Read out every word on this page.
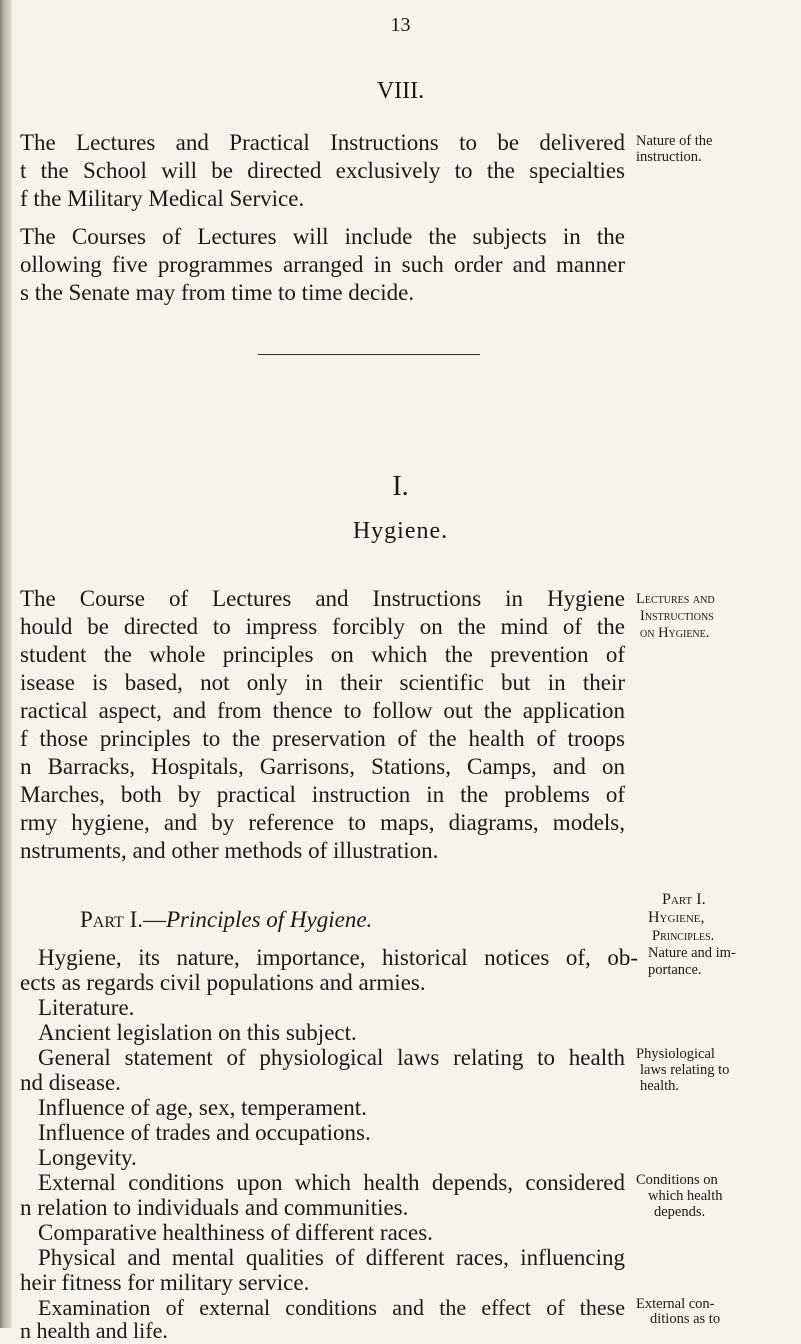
13
VIII.
The Lectures and Practical Instructions to be delivered
t the School will be directed exclusively to the specialties
f the Military Medical Service.
The Courses of Lectures will include the subjects in the
ollowing five programmes arranged in such order and manner
s the Senate may from time to time decide.
Nature of the
instruction.
I.
Hygiene.
The Course of Lectures and Instructions in Hygiene
hould be directed to impress forcibly on the mind of the
student the whole principles on which the prevention of
isease is based, not only in their scientific but in their
ractical aspect, and from thence to follow out the application
f those principles to the preservation of the health of troops
n Barracks, Hospitals, Garrisons, Stations, Camps, and on
Marches, both by practical instruction in the problems of
rmy hygiene, and by reference to maps, diagrams, models,
nstruments, and other methods of illustration.
Lectures and
Instructions
on Hygiene.
Part I.—Principles of Hygiene.
Part I.
Hygiene,
Principles.
Nature and im-
portance.
Hygiene, its nature, importance, historical notices of, ob-
ects as regards civil populations and armies.
Literature.
Ancient legislation on this subject.
General statement of physiological laws relating to health
nd disease.
Influence of age, sex, temperament.
Influence of trades and occupations.
Longevity.
External conditions upon which health depends, considered
n relation to individuals and communities.
Comparative healthiness of different races.
Physical and mental qualities of different races, influencing
heir fitness for military service.
Examination of external conditions and the effect of these
n health and life.
Physiological
laws relating to
health.
Conditions on
which health
depends.
External con-
ditions as to
